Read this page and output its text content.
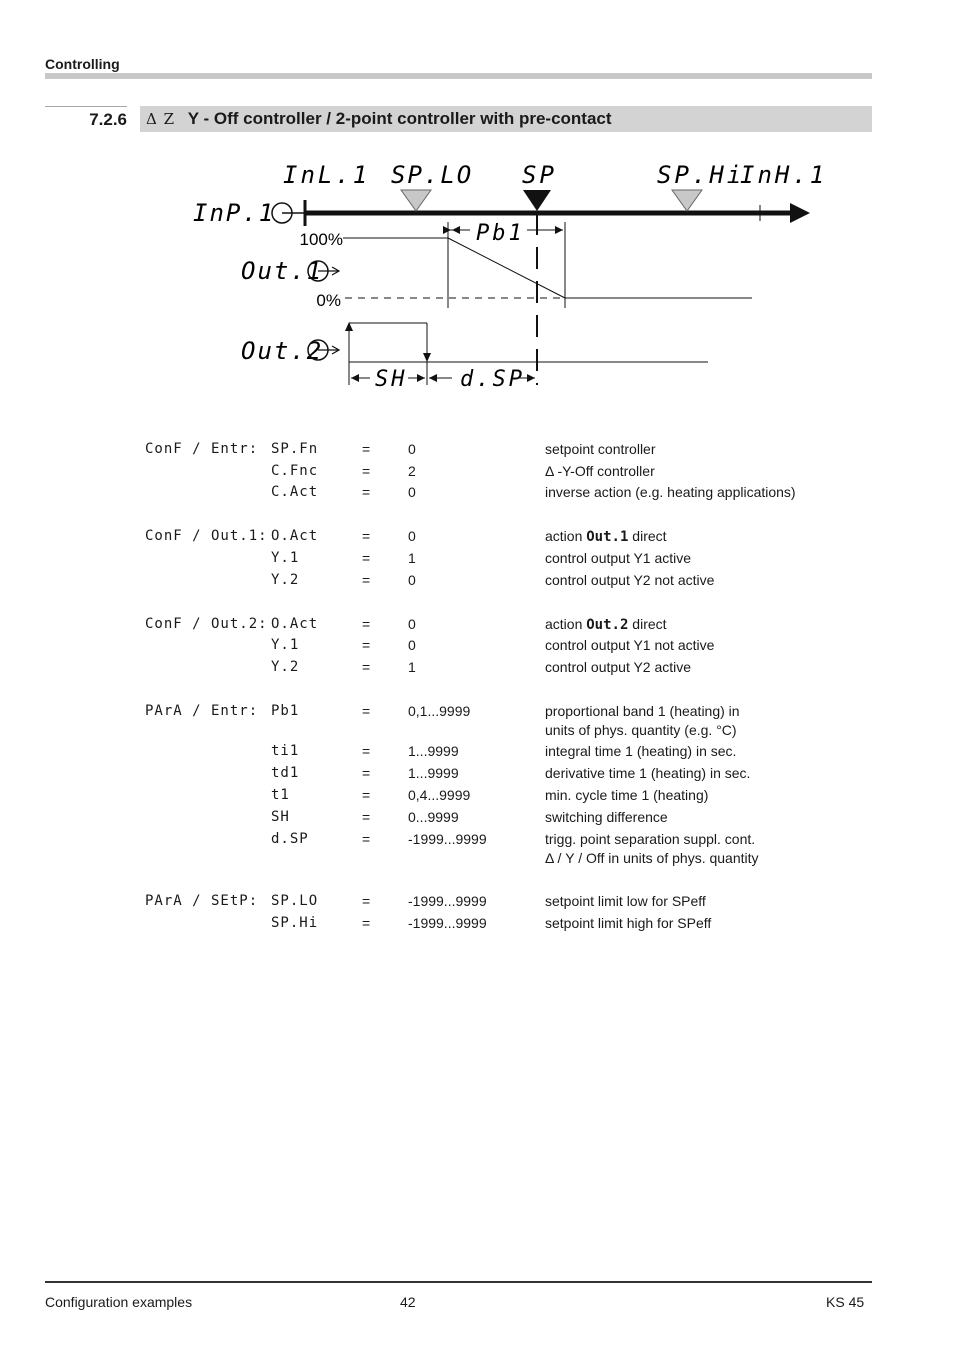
Controlling
7.2.6	Δ Z Y - Off controller / 2-point controller with pre-contact
InL.1 SP.LO SP	SP.Hi
InH.1
InP.1
Pb1
100%
0%
Out.1
Out.2
SH d.SP
ConF / Entr: SP.Fn	=	0	setpoint controller
C.Fnc	=	2	Δ -Y-Off controller
C.Act	=	0	inverse action (e.g. heating applications)
ConF / Out.1: O.Act	=	0	action Out.1 direct
Y.1	=	1	control output Y1 active
Y.2	=	0	control output Y2 not active
ConF / Out.2: O.Act	=	0	action Out.2 direct
Y.1	=	0	control output Y1 not active
Y.2	=	1	control output Y2 active
PArA / Entr: Pb1	=	0,1...9999	proportional band 1 (heating) in
units of phys. quantity (e.g. °C)
ti1	=	1...9999	integral time 1 (heating) in sec.
td1	=	1...9999	derivative time 1 (heating) in sec.
t1	=	0,4...9999	min. cycle time 1 (heating)
SH	=	0...9999	switching difference
d.SP	=	-1999...9999	trigg. point separation suppl. cont.
Δ / Y / Off in units of phys. quantity
PArA / SEtP: SP.LO	=	-1999...9999	setpoint limit low for SPeff
SP.Hi	=	-1999...9999	setpoint limit high for SPeff
Configuration examples	42	KS 45
